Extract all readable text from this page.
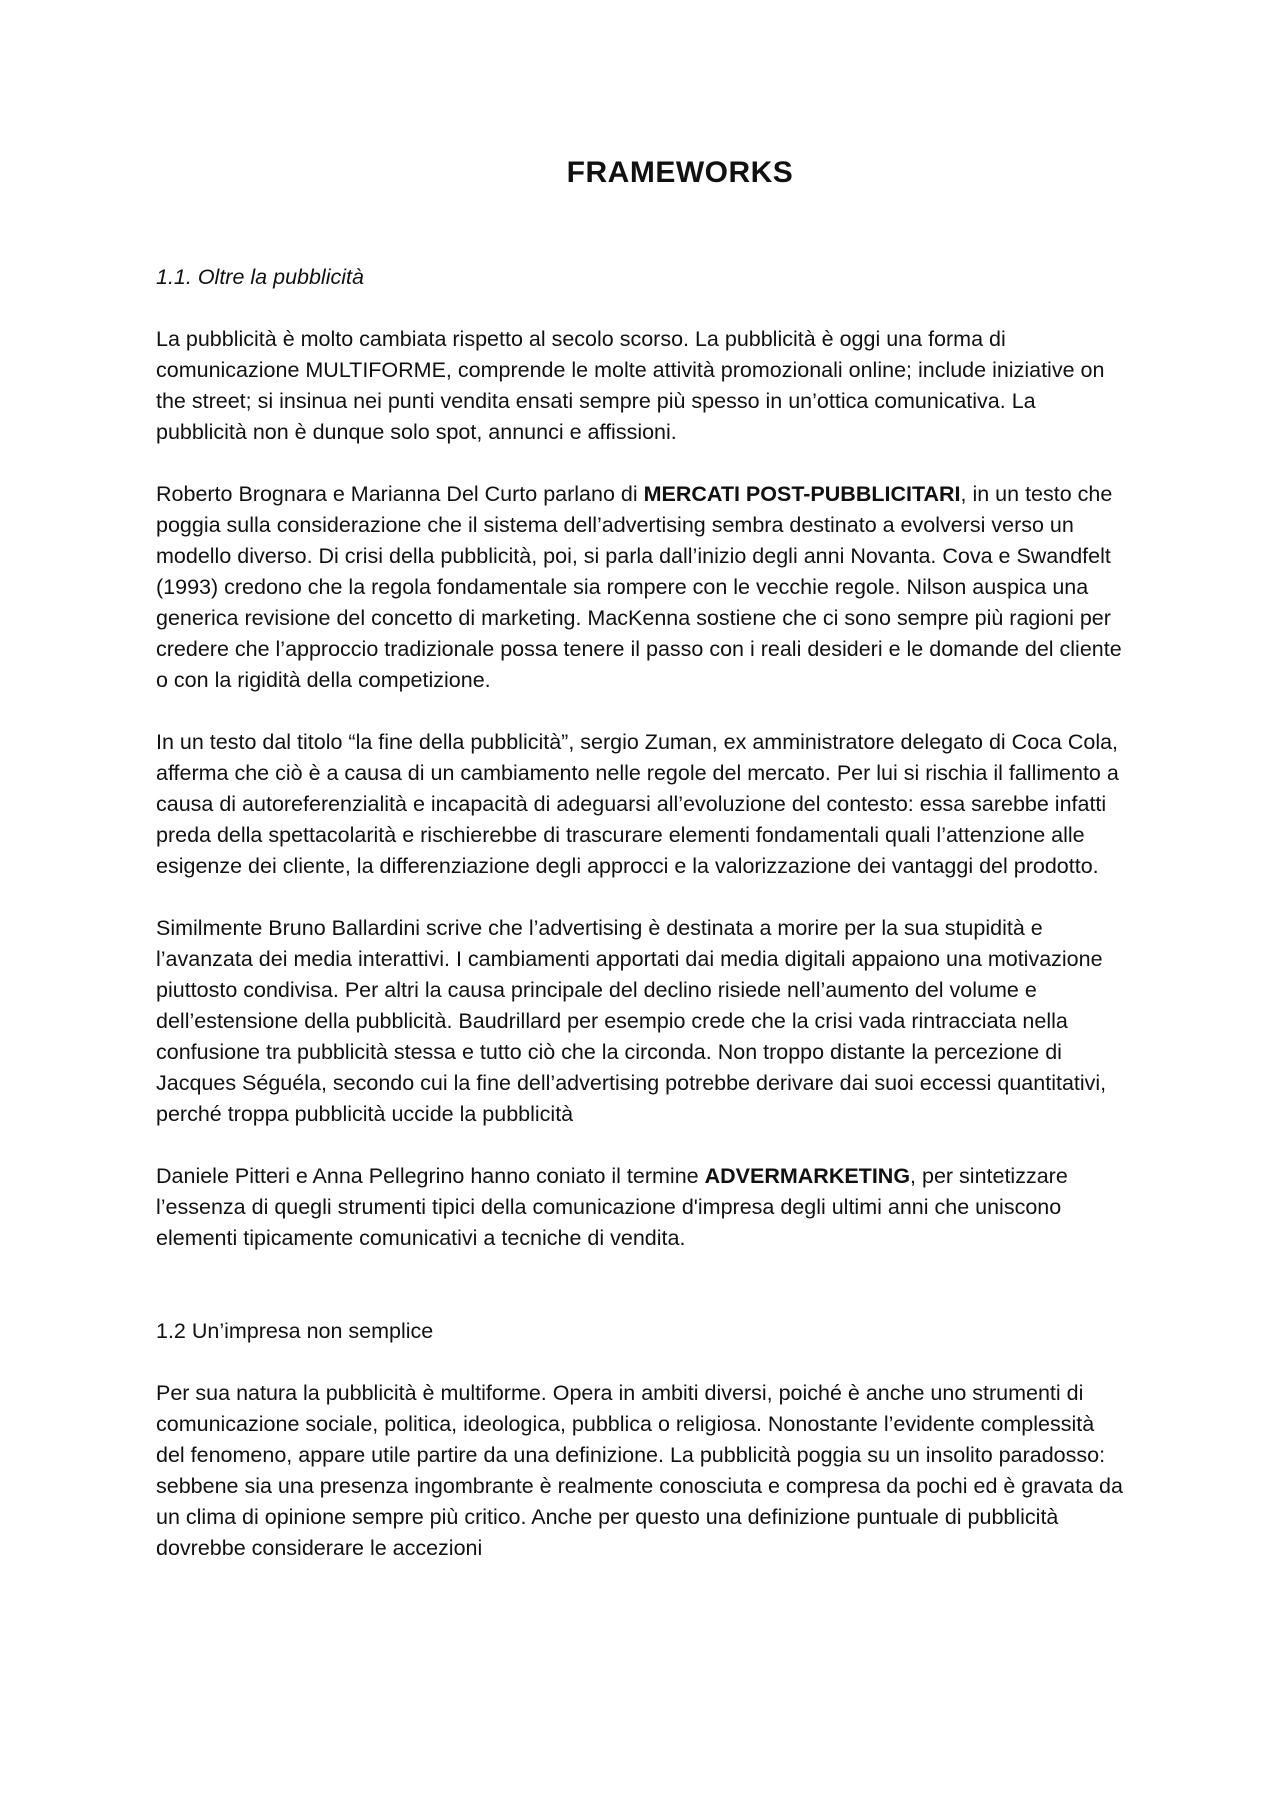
FRAMEWORKS

1.1. Oltre la pubblicità

La pubblicità è molto cambiata rispetto al secolo scorso. La pubblicità è oggi una forma di comunicazione MULTIFORME, comprende le molte attività promozionali online; include iniziative on the street; si insinua nei punti vendita ensati sempre più spesso in un’ottica comunicativa. La pubblicità non è dunque solo spot, annunci e affissioni.

Roberto Brognara e Marianna Del Curto parlano di MERCATI POST-PUBBLICITARI, in un testo che poggia sulla considerazione che il sistema dell’advertising sembra destinato a evolversi verso un modello diverso. Di crisi della pubblicità, poi, si parla dall’inizio degli anni Novanta. Cova e Swandfelt (1993) credono che la regola fondamentale sia rompere con le vecchie regole. Nilson auspica una generica revisione del concetto di marketing. MacKenna sostiene che ci sono sempre più ragioni per credere che l’approccio tradizionale possa tenere il passo con i reali desideri e le domande del cliente o con la rigidità della competizione.

In un testo dal titolo “la fine della pubblicità”, sergio Zuman, ex amministratore delegato di Coca Cola, afferma che ciò è a causa di un cambiamento nelle regole del mercato. Per lui si rischia il fallimento a causa di autoreferenzialità e incapacità di adeguarsi all’evoluzione del contesto: essa sarebbe infatti preda della spettacolarità e rischierebbe di trascurare elementi fondamentali quali l’attenzione alle esigenze dei cliente, la differenziazione degli approcci e la valorizzazione dei vantaggi del prodotto.

Similmente Bruno Ballardini scrive che l’advertising è destinata a morire per la sua stupidità e l’avanzata dei media interattivi. I cambiamenti apportati dai media digitali appaiono una motivazione piuttosto condivisa. Per altri la causa principale del declino risiede nell’aumento del volume e dell’estensione della pubblicità. Baudrillard per esempio crede che la crisi vada rintracciata nella confusione tra pubblicità stessa e tutto ciò che la circonda. Non troppo distante la percezione di Jacques Séguéla, secondo cui la fine dell’advertising potrebbe derivare dai suoi eccessi quantitativi, perché troppa pubblicità uccide la pubblicità

Daniele Pitteri e Anna Pellegrino hanno coniato il termine ADVERMARKETING, per sintetizzare l’essenza di quegli strumenti tipici della comunicazione d'impresa degli ultimi anni che uniscono elementi tipicamente comunicativi a tecniche di vendita.

1.2 Un’impresa non semplice

Per sua natura la pubblicità è multiforme. Opera in ambiti diversi, poiché è anche uno strumenti di comunicazione sociale, politica, ideologica, pubblica o religiosa. Nonostante l’evidente complessità del fenomeno, appare utile partire da una definizione. La pubblicità poggia su un insolito paradosso: sebbene sia una presenza ingombrante è realmente conosciuta e compresa da pochi ed è gravata da un clima di opinione sempre più critico. Anche per questo una definizione puntuale di pubblicità dovrebbe considerare le accezioni
